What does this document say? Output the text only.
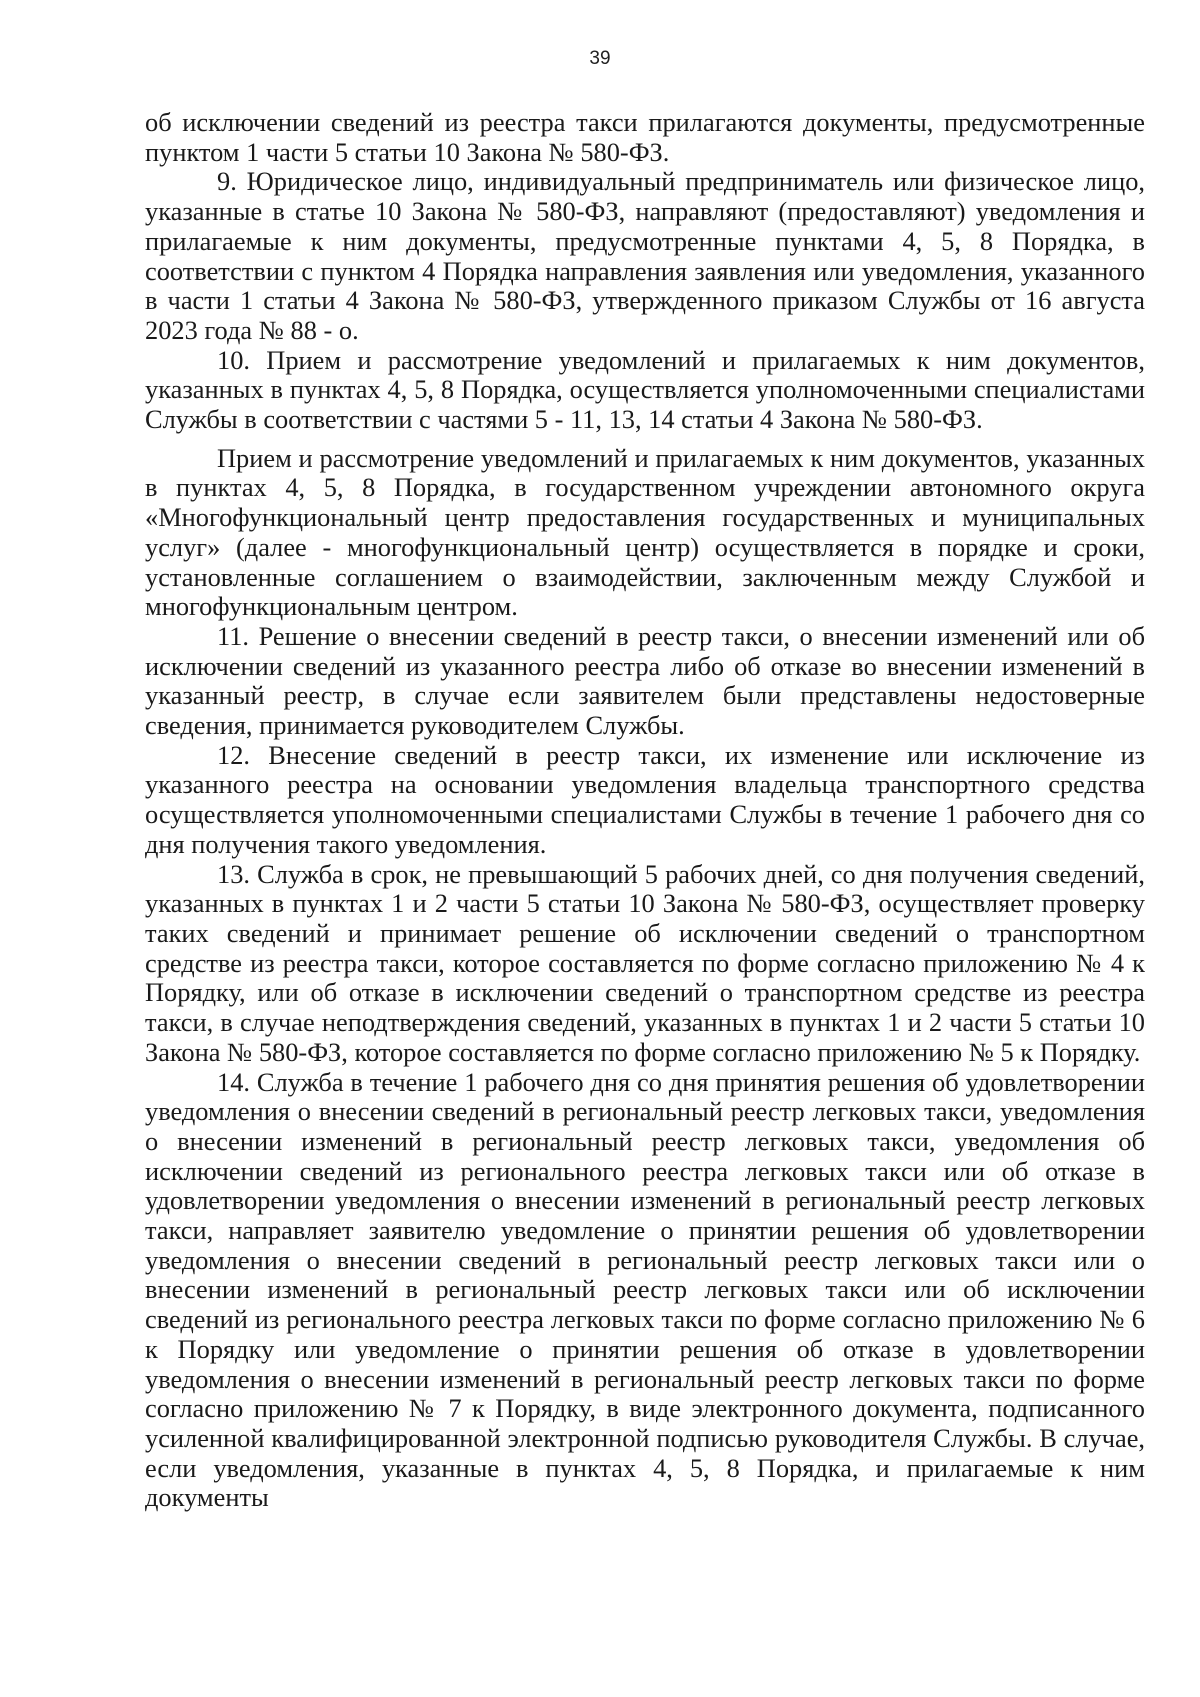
39

об исключении сведений из реестра такси прилагаются документы, предусмотренные пунктом 1 части 5 статьи 10 Закона № 580-ФЗ.

9. Юридическое лицо, индивидуальный предприниматель или физическое лицо, указанные в статье 10 Закона № 580-ФЗ, направляют (предоставляют) уведомления и прилагаемые к ним документы, предусмотренные пунктами 4, 5, 8 Порядка, в соответствии с пунктом 4 Порядка направления заявления или уведомления, указанного в части 1 статьи 4 Закона № 580-ФЗ, утвержденного приказом Службы от 16 августа 2023 года № 88 - о.

10. Прием и рассмотрение уведомлений и прилагаемых к ним документов, указанных в пунктах 4, 5, 8 Порядка, осуществляется уполномоченными специалистами Службы в соответствии с частями 5 - 11, 13, 14 статьи 4 Закона № 580-ФЗ.

Прием и рассмотрение уведомлений и прилагаемых к ним документов, указанных в пунктах 4, 5, 8 Порядка, в государственном учреждении автономного округа «Многофункциональный центр предоставления государственных и муниципальных услуг» (далее - многофункциональный центр) осуществляется в порядке и сроки, установленные соглашением о взаимодействии, заключенным между Службой и многофункциональным центром.

11. Решение о внесении сведений в реестр такси, о внесении изменений или об исключении сведений из указанного реестра либо об отказе во внесении изменений в указанный реестр, в случае если заявителем были представлены недостоверные сведения, принимается руководителем Службы.

12. Внесение сведений в реестр такси, их изменение или исключение из указанного реестра на основании уведомления владельца транспортного средства осуществляется уполномоченными специалистами Службы в течение 1 рабочего дня со дня получения такого уведомления.

13. Служба в срок, не превышающий 5 рабочих дней, со дня получения сведений, указанных в пунктах 1 и 2 части 5 статьи 10 Закона № 580-ФЗ, осуществляет проверку таких сведений и принимает решение об исключении сведений о транспортном средстве из реестра такси, которое составляется по форме согласно приложению № 4 к Порядку, или об отказе в исключении сведений о транспортном средстве из реестра такси, в случае неподтверждения сведений, указанных в пунктах 1 и 2 части 5 статьи 10 Закона № 580-ФЗ, которое составляется по форме согласно приложению № 5 к Порядку.

14. Служба в течение 1 рабочего дня со дня принятия решения об удовлетворении уведомления о внесении сведений в региональный реестр легковых такси, уведомления о внесении изменений в региональный реестр легковых такси, уведомления об исключении сведений из регионального реестра легковых такси или об отказе в удовлетворении уведомления о внесении изменений в региональный реестр легковых такси, направляет заявителю уведомление о принятии решения об удовлетворении уведомления о внесении сведений в региональный реестр легковых такси или о внесении изменений в региональный реестр легковых такси или об исключении сведений из регионального реестра легковых такси по форме согласно приложению № 6 к Порядку или уведомление о принятии решения об отказе в удовлетворении уведомления о внесении изменений в региональный реестр легковых такси по форме согласно приложению № 7 к Порядку, в виде электронного документа, подписанного усиленной квалифицированной электронной подписью руководителя Службы. В случае, если уведомления, указанные в пунктах 4, 5, 8 Порядка, и прилагаемые к ним документы
